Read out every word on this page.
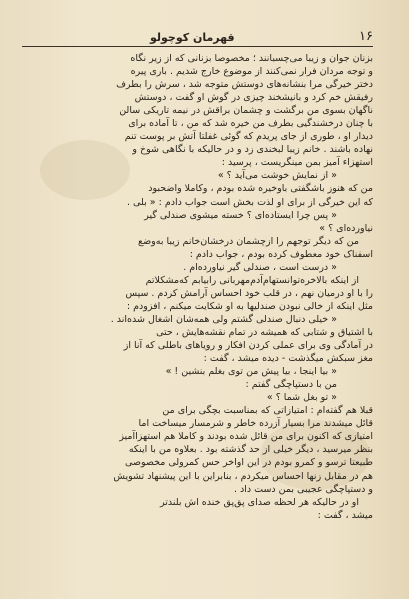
۱۶
قهرمان کوچولو
بزنان جوان و زیبا می‌چسبانند ؛ مخصوصا بزنانی که از زیر نگاه
و توجه مردان فرار نمی‌کنند از موضوع خارج شدیم . باری پیره
دختر خیرگی مرا بنشانه‌های دوستش متوجه شد ، سرش را بطرف
رفیقش خم کرد و بانیشخند چیزی در گوش او گفت ، دوستش
ناگهان بسوی من برگشت و چشمان براقش در نیمه تاریکی سالن
با چنان درخشندگیی بطرف من خیره شد که من ، تا آماده برای
دیدار او ، طوری از جای پریدم که گوئی غفلتا آتش بر پوست تنم
نهاده باشند . خانم زیبا لبخندی زد و در حالیکه با نگاهی شوخ و
استهزاء آمیز بمن مینگریست ، پرسید :
« از نمایش خوشت می‌آید ؟ »
من که هنوز باشگفتی باوخیره شده بودم ، وکاملا واضحبود
که این خیرگی از برای او لذت بخش است جواب دادم : « بلی .
« پس چرا ایستاده‌ای ؟ خسته میشوی صندلی گیر
نیاورده‌ای ؟ »
من که دیگر توجهم را ازچشمان درخشان‌خانم زیبا به‌وضع
اسفناک خود معطوف کرده بودم ، جواب دادم :
« درست است ، صندلی گیر نیاورده‌ام .
از اینکه بالاخره‌توانستهام‌آدم‌مهربانی رابیابم که‌مشکلاتم
را با او درمیان نهم ، در قلب خود احساس آرامش کردم . سپس
مثل اینکه از خالی نبودن صندلیها به او شکایت میکنم ، افزودم :
« خیلی دنبال صندلی گشتم ولی همه‌شان اشغال شده‌اند .
با اشتیاق و شتابی که همیشه در تمام نقشه‌هایش ، حتی
در آمادگی وی برای عملی کردن افکار و رویاهای باطلی که آنا از
مغز سبکش میگذشت - دیده میشد ، گفت :
« بیا اینجا ، بیا پیش من توی بغلم بنشین ! »
من با دستپاچگی گفتم :
« تو بغل شما ؟ »
قبلا هم گفته‌ام : امتیازاتی که بمناسبت بچگی برای من
قائل میشدند مرا بسیار آزرده خاطر و شرمسار میساخت اما
امتیازی که اکنون برای من قائل شده بودند و کاملا هم استهزاآمیز
بنظر میرسید ، دیگر خیلی از حد گذشته بود . بعلاوه من با اینکه
طبیعتا ترسو و کمرو بودم در این اواخر حس کمرولی مخصوصی
هم در مقابل زنها احساس میکردم ، بنابراین با این پیشنهاد تشویش
و دستپاچگی عجیبی بمن دست داد .
او در حالیکه هر لحظه صدای پق‌پق خنده اش بلندتر
میشد ، گفت :
